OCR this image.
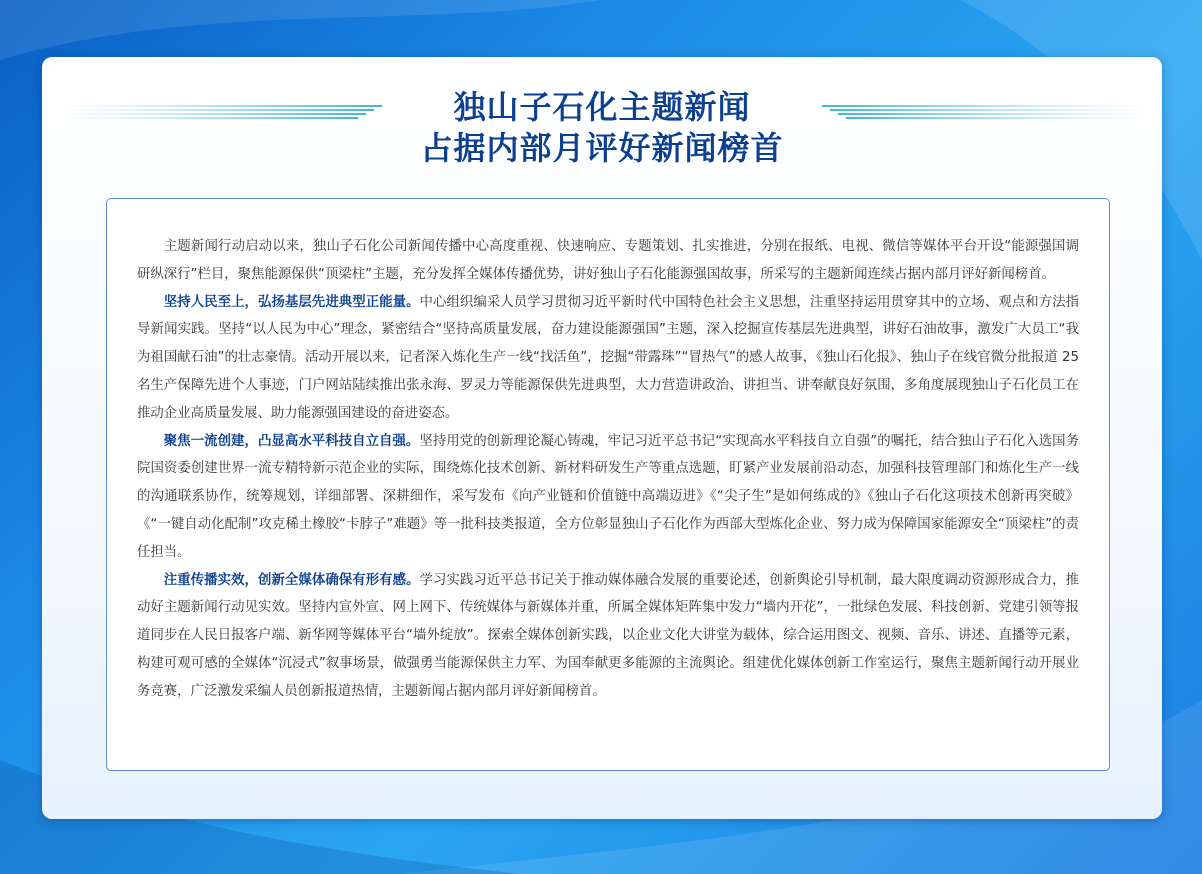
独山子石化主题新闻
占据内部月评好新闻榜首

主题新闻行动启动以来，独山子石化公司新闻传播中心高度重视、快速响应、专题策划、扎实推进，分别在报纸、电视、微信等媒体平台开设“能源强国调研纵深行”栏目，聚焦能源保供“顶梁柱”主题，充分发挥全媒体传播优势，讲好独山子石化能源强国故事，所采写的主题新闻连续占据内部月评好新闻榜首。

坚持人民至上，弘扬基层先进典型正能量。中心组织编采人员学习贯彻习近平新时代中国特色社会主义思想，注重坚持运用贯穿其中的立场、观点和方法指导新闻实践。坚持“以人民为中心”理念，紧密结合“坚持高质量发展，奋力建设能源强国”主题，深入挖掘宣传基层先进典型，讲好石油故事，激发广大员工“我为祖国献石油”的壮志豪情。活动开展以来，记者深入炼化生产一线“找活鱼”，挖掘“带露珠”“冒热气”的感人故事，《独山石化报》、独山子在线官微分批报道 25 名生产保障先进个人事迹，门户网站陆续推出张永海、罗灵力等能源保供先进典型，大力营造讲政治、讲担当、讲奉献良好氛围，多角度展现独山子石化员工在推动企业高质量发展、助力能源强国建设的奋进姿态。

聚焦一流创建，凸显高水平科技自立自强。坚持用党的创新理论凝心铸魂，牢记习近平总书记“实现高水平科技自立自强”的嘱托，结合独山子石化入选国务院国资委创建世界一流专精特新示范企业的实际，围绕炼化技术创新、新材料研发生产等重点选题，盯紧产业发展前沿动态，加强科技管理部门和炼化生产一线的沟通联系协作，统筹规划，详细部署、深耕细作，采写发布《向产业链和价值链中高端迈进》《“尖子生”是如何练成的》《独山子石化这项技术创新再突破》《“一键自动化配制”攻克稀土橡胶“卡脖子”难题》等一批科技类报道，全方位彰显独山子石化作为西部大型炼化企业、努力成为保障国家能源安全“顶梁柱”的责任担当。

注重传播实效，创新全媒体确保有形有感。学习实践习近平总书记关于推动媒体融合发展的重要论述，创新舆论引导机制，最大限度调动资源形成合力，推动好主题新闻行动见实效。坚持内宣外宣、网上网下、传统媒体与新媒体并重，所属全媒体矩阵集中发力“墙内开花”，一批绿色发展、科技创新、党建引领等报道同步在人民日报客户端、新华网等媒体平台“墙外绽放”。探索全媒体创新实践，以企业文化大讲堂为载体，综合运用图文、视频、音乐、讲述、直播等元素，构建可观可感的全媒体“沉浸式”叙事场景，做强勇当能源保供主力军、为国奉献更多能源的主流舆论。组建优化媒体创新工作室运行，聚焦主题新闻行动开展业务竞赛，广泛激发采编人员创新报道热情，主题新闻占据内部月评好新闻榜首。
